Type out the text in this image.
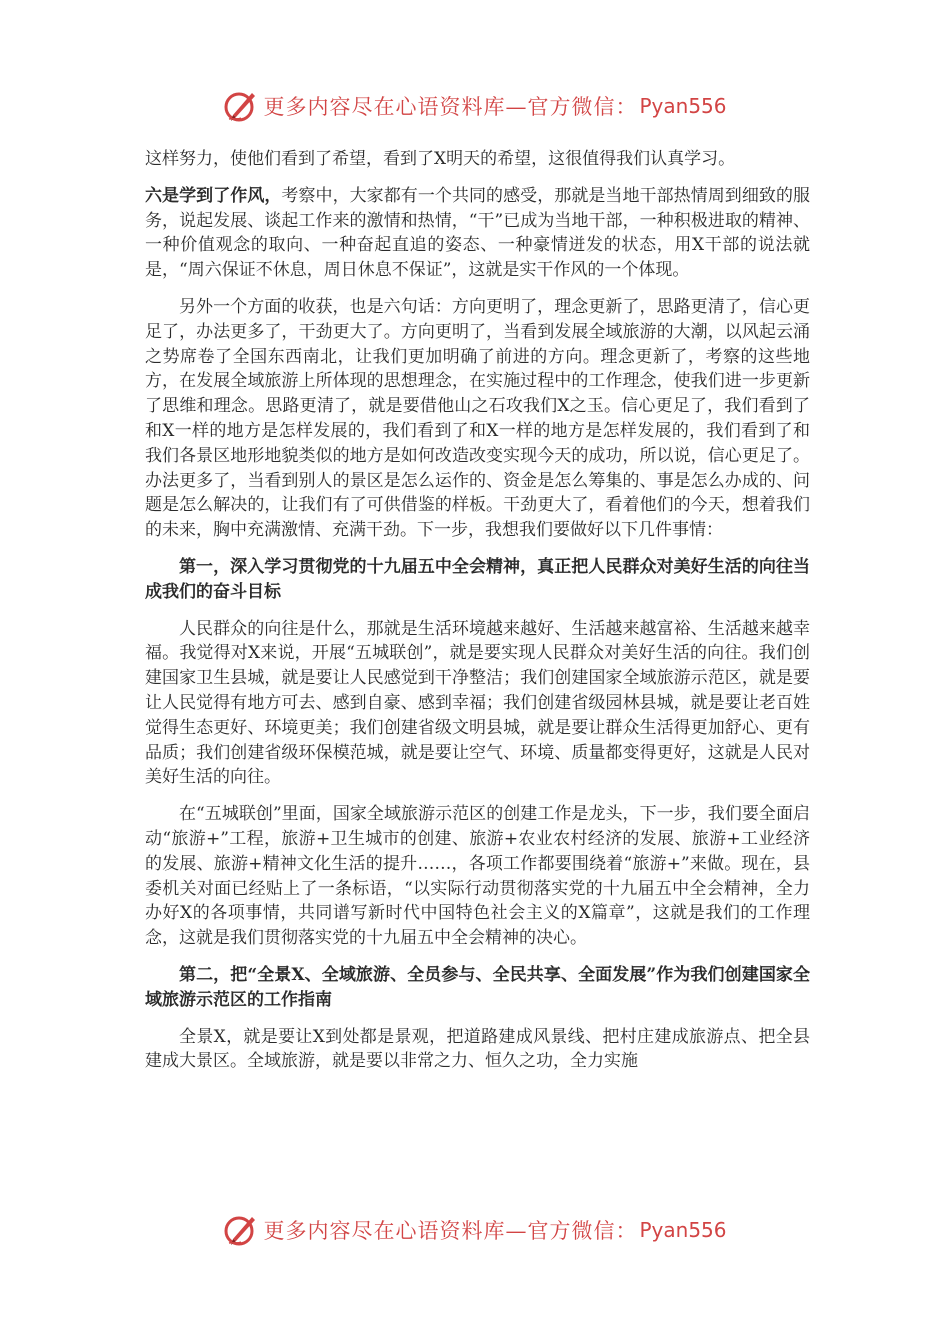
更多内容尽在心语资料库—官方微信： Pyan556

这样努力，使他们看到了希望，看到了X明天的希望，这很值得我们认真学习。

六是学到了作风，考察中，大家都有一个共同的感受，那就是当地干部热情周到细致的服务，说起发展、谈起工作来的激情和热情，“干”已成为当地干部，一种积极进取的精神、一种价值观念的取向、一种奋起直追的姿态、一种豪情迸发的状态，用X干部的说法就是，“周六保证不休息，周日休息不保证”，这就是实干作风的一个体现。

另外一个方面的收获，也是六句话：方向更明了，理念更新了，思路更清了，信心更足了，办法更多了，干劲更大了。方向更明了，当看到发展全域旅游的大潮，以风起云涌之势席卷了全国东西南北，让我们更加明确了前进的方向。理念更新了，考察的这些地方，在发展全域旅游上所体现的思想理念，在实施过程中的工作理念，使我们进一步更新了思维和理念。思路更清了，就是要借他山之石攻我们X之玉。信心更足了，我们看到了和X一样的地方是怎样发展的，我们看到了和X一样的地方是怎样发展的，我们看到了和我们各景区地形地貌类似的地方是如何改造改变实现今天的成功，所以说，信心更足了。办法更多了，当看到别人的景区是怎么运作的、资金是怎么筹集的、事是怎么办成的、问题是怎么解决的，让我们有了可供借鉴的样板。干劲更大了，看着他们的今天，想着我们的未来，胸中充满激情、充满干劲。下一步，我想我们要做好以下几件事情：

第一，深入学习贯彻党的十九届五中全会精神，真正把人民群众对美好生活的向往当成我们的奋斗目标

人民群众的向往是什么，那就是生活环境越来越好、生活越来越富裕、生活越来越幸福。我觉得对X来说，开展“五城联创”，就是要实现人民群众对美好生活的向往。我们创建国家卫生县城，就是要让人民感觉到干净整洁；我们创建国家全域旅游示范区，就是要让人民觉得有地方可去、感到自豪、感到幸福；我们创建省级园林县城，就是要让老百姓觉得生态更好、环境更美；我们创建省级文明县城，就是要让群众生活得更加舒心、更有品质；我们创建省级环保模范城，就是要让空气、环境、质量都变得更好，这就是人民对美好生活的向往。

在“五城联创”里面，国家全域旅游示范区的创建工作是龙头，下一步，我们要全面启动“旅游+”工程，旅游+卫生城市的创建、旅游+农业农村经济的发展、旅游+工业经济的发展、旅游+精神文化生活的提升……，各项工作都要围绕着“旅游+”来做。现在，县委机关对面已经贴上了一条标语，“以实际行动贯彻落实党的十九届五中全会精神，全力办好X的各项事情，共同谱写新时代中国特色社会主义的X篇章”，这就是我们的工作理念，这就是我们贯彻落实党的十九届五中全会精神的决心。

第二，把“全景X、全域旅游、全员参与、全民共享、全面发展”作为我们创建国家全域旅游示范区的工作指南

全景X，就是要让X到处都是景观，把道路建成风景线、把村庄建成旅游点、把全县建成大景区。全域旅游，就是要以非常之力、恒久之功，全力实施

更多内容尽在心语资料库—官方微信： Pyan556
